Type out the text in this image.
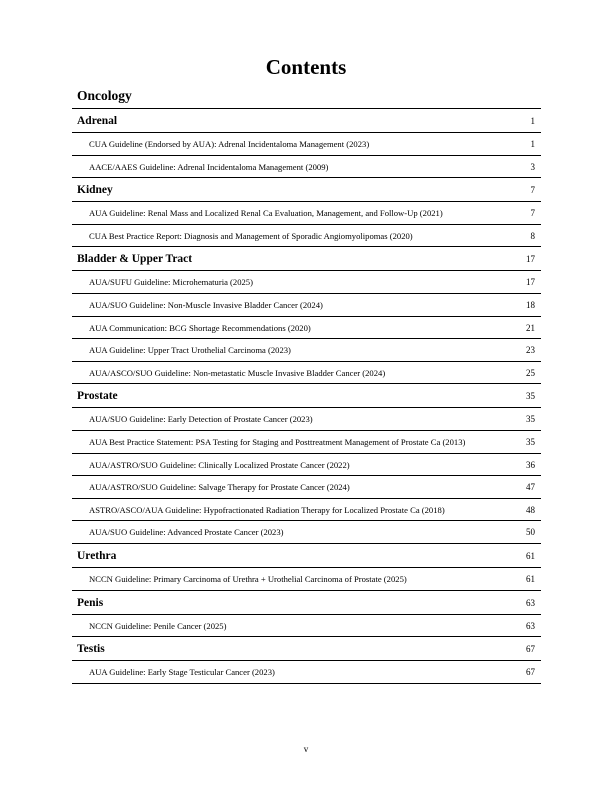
Contents
Oncology
Adrenal	1
CUA Guideline (Endorsed by AUA): Adrenal Incidentaloma Management (2023)	1
AACE/AAES Guideline: Adrenal Incidentaloma Management (2009)	3
Kidney	7
AUA Guideline: Renal Mass and Localized Renal Ca Evaluation, Management, and Follow-Up (2021)	7
CUA Best Practice Report: Diagnosis and Management of Sporadic Angiomyolipomas (2020)	8
Bladder & Upper Tract	17
AUA/SUFU Guideline: Microhematuria (2025)	17
AUA/SUO Guideline: Non-Muscle Invasive Bladder Cancer (2024)	18
AUA Communication: BCG Shortage Recommendations (2020)	21
AUA Guideline: Upper Tract Urothelial Carcinoma (2023)	23
AUA/ASCO/SUO Guideline: Non-metastatic Muscle Invasive Bladder Cancer (2024)	25
Prostate	35
AUA/SUO Guideline: Early Detection of Prostate Cancer (2023)	35
AUA Best Practice Statement: PSA Testing for Staging and Posttreatment Management of Prostate Ca (2013)	35
AUA/ASTRO/SUO Guideline: Clinically Localized Prostate Cancer (2022)	36
AUA/ASTRO/SUO Guideline: Salvage Therapy for Prostate Cancer (2024)	47
ASTRO/ASCO/AUA Guideline: Hypofractionated Radiation Therapy for Localized Prostate Ca (2018)	48
AUA/SUO Guideline: Advanced Prostate Cancer (2023)	50
Urethra	61
NCCN Guideline: Primary Carcinoma of Urethra + Urothelial Carcinoma of Prostate (2025)	61
Penis	63
NCCN Guideline: Penile Cancer (2025)	63
Testis	67
AUA Guideline: Early Stage Testicular Cancer (2023)	67
v
